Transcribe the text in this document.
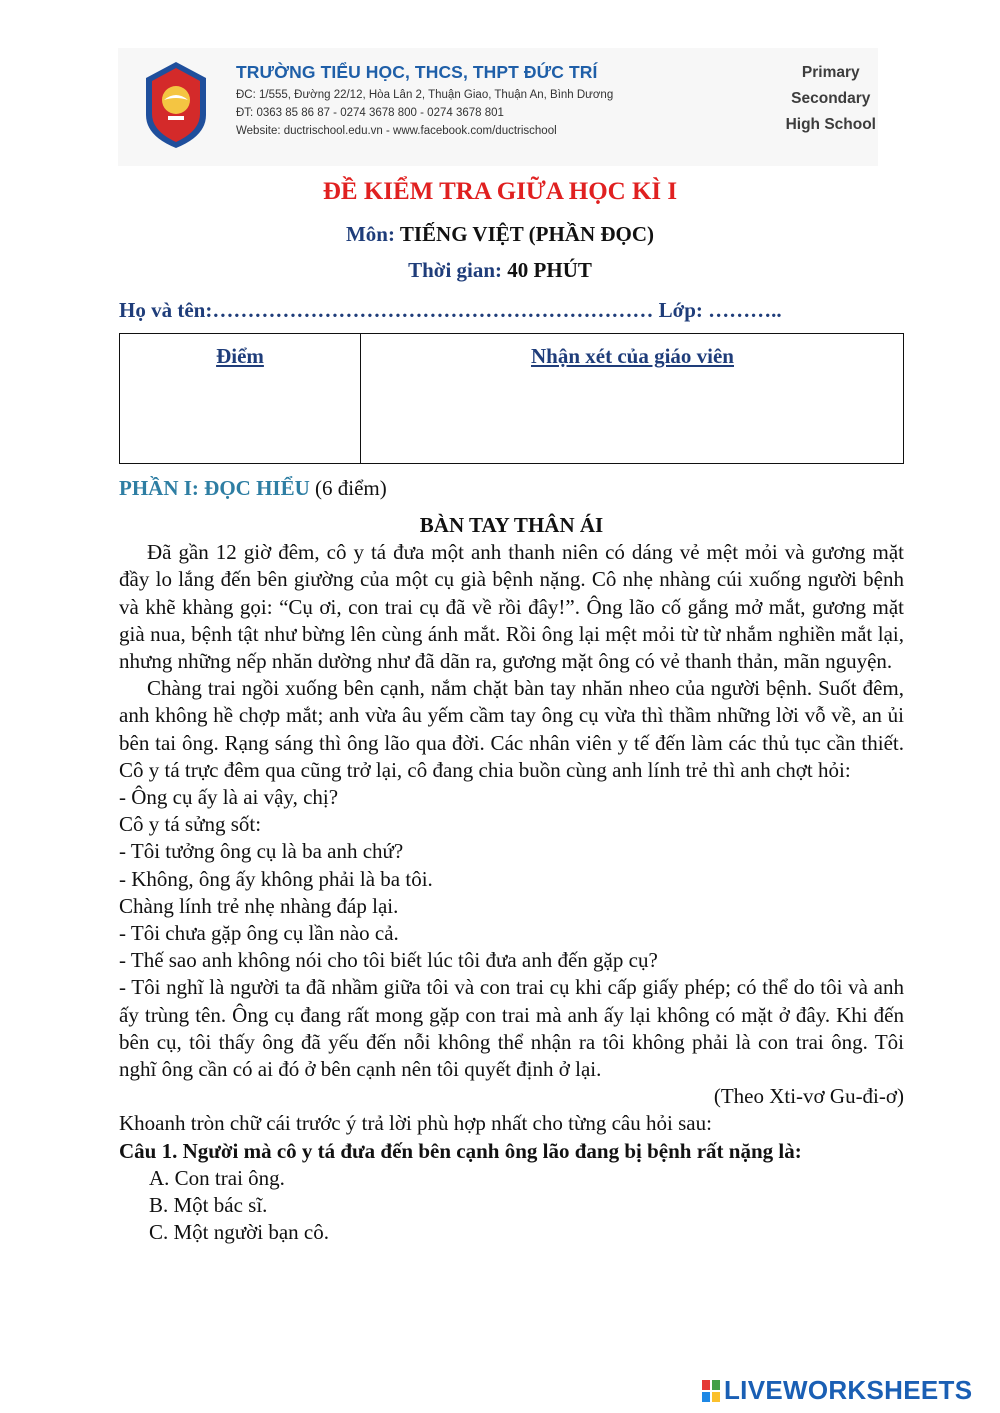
TRƯỜNG TIỂU HỌC, THCS, THPT ĐỨC TRÍ
ĐC: 1/555, Đường 22/12, Hòa Lân 2, Thuận Giao, Thuận An, Bình Dương
ĐT: 0363 85 86 87 - 0274 3678 800 - 0274 3678 801
Website: ductrischool.edu.vn - www.facebook.com/ductrischool
Primary
Secondary
High School
ĐỀ KIỂM TRA GIỮA HỌC KÌ I
Môn: TIẾNG VIỆT (PHẦN ĐỌC)
Thời gian: 40 PHÚT
Họ và tên:……………………………………………………… Lớp: ………..
Điểm	Nhận xét của giáo viên
PHẦN I: ĐỌC HIỂU (6 điểm)
BÀN TAY THÂN ÁI

Đã gần 12 giờ đêm, cô y tá đưa một anh thanh niên có dáng vẻ mệt mỏi và gương mặt đầy lo lắng đến bên giường của một cụ già bệnh nặng. Cô nhẹ nhàng cúi xuống người bệnh và khẽ khàng gọi: “Cụ ơi, con trai cụ đã về rồi đây!”. Ông lão cố gắng mở mắt, gương mặt già nua, bệnh tật như bừng lên cùng ánh mắt. Rồi ông lại mệt mỏi từ từ nhắm nghiền mắt lại, nhưng những nếp nhăn dường như đã dãn ra, gương mặt ông có vẻ thanh thản, mãn nguyện.

Chàng trai ngồi xuống bên cạnh, nắm chặt bàn tay nhăn nheo của người bệnh. Suốt đêm, anh không hề chợp mắt; anh vừa âu yếm cầm tay ông cụ vừa thì thầm những lời vỗ về, an ủi bên tai ông. Rạng sáng thì ông lão qua đời. Các nhân viên y tế đến làm các thủ tục cần thiết. Cô y tá trực đêm qua cũng trở lại, cô đang chia buồn cùng anh lính trẻ thì anh chợt hỏi:

- Ông cụ ấy là ai vậy, chị?

Cô y tá sửng sốt:

- Tôi tưởng ông cụ là ba anh chứ?

- Không, ông ấy không phải là ba tôi.

Chàng lính trẻ nhẹ nhàng đáp lại.

- Tôi chưa gặp ông cụ lần nào cả.

- Thế sao anh không nói cho tôi biết lúc tôi đưa anh đến gặp cụ?

- Tôi nghĩ là người ta đã nhầm giữa tôi và con trai cụ khi cấp giấy phép; có thể do tôi và anh ấy trùng tên. Ông cụ đang rất mong gặp con trai mà anh ấy lại không có mặt ở đây. Khi đến bên cụ, tôi thấy ông đã yếu đến nỗi không thể nhận ra tôi không phải là con trai ông. Tôi nghĩ ông cần có ai đó ở bên cạnh nên tôi quyết định ở lại.

(Theo Xti-vơ Gu-đi-ơ)
Khoanh tròn chữ cái trước ý trả lời phù hợp nhất cho từng câu hỏi sau:
Câu 1. Người mà cô y tá đưa đến bên cạnh ông lão đang bị bệnh rất nặng là:
A. Con trai ông.
B. Một bác sĩ.
C. Một người bạn cô.
LIVEWORKSHEETS
